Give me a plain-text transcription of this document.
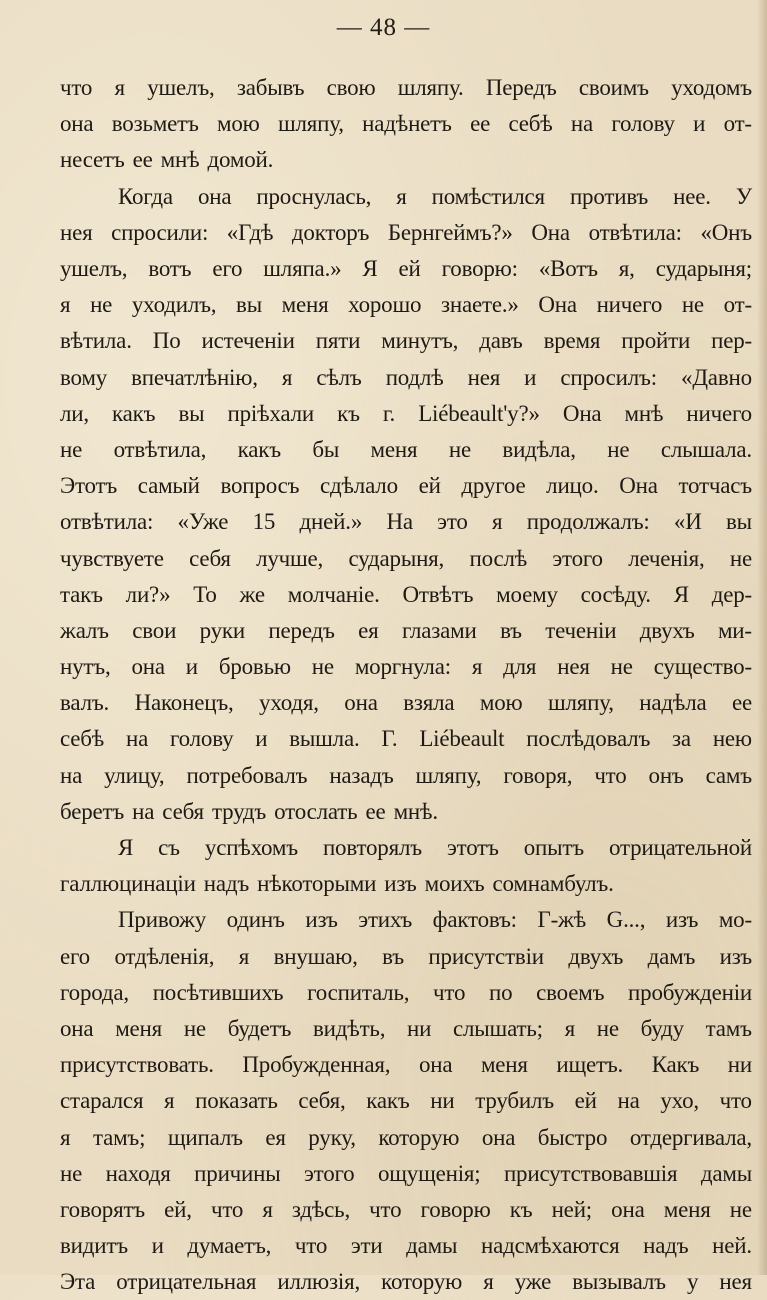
— 48 —
что я ушелъ, забывъ свою шляпу. Передъ своимъ уходомъ
она возьметъ мою шляпу, надѣнетъ ее себѣ на голову и от-
несетъ ее мнѣ домой.
Когда она проснулась, я помѣстился противъ нее. У
нея спросили: «Гдѣ докторъ Бернгеймъ?» Она отвѣтила: «Онъ
ушелъ, вотъ его шляпа.» Я ей говорю: «Вотъ я, сударыня;
я не уходилъ, вы меня хорошо знаете.» Она ничего не от-
вѣтила. По истеченіи пяти минутъ, давъ время пройти пер-
вому впечатлѣнію, я сѣлъ подлѣ нея и спросилъ: «Давно
ли, какъ вы пріѣхали къ г. Liébeault'y?» Она мнѣ ничего
не отвѣтила, какъ бы меня не видѣла, не слышала.
Этотъ самый вопросъ сдѣлало ей другое лицо. Она тотчасъ
отвѣтила: «Уже 15 дней.» На это я продолжалъ: «И вы
чувствуете себя лучше, сударыня, послѣ этого леченія, не
такъ ли?» То же молчаніе. Отвѣтъ моему сосѣду. Я дер-
жалъ свои руки передъ ея глазами въ теченіи двухъ ми-
нутъ, она и бровью не моргнула: я для нея не существо-
валъ. Наконецъ, уходя, она взяла мою шляпу, надѣла ее
себѣ на голову и вышла. Г. Liébeault послѣдовалъ за нею
на улицу, потребовалъ назадъ шляпу, говоря, что онъ самъ
беретъ на себя трудъ отослать ее мнѣ.
Я съ успѣхомъ повторялъ этотъ опытъ отрицательной
галлюцинаціи надъ нѣкоторыми изъ моихъ сомнамбулъ.
Привожу одинъ изъ этихъ фактовъ: Г-жѣ G..., изъ мо-
его отдѣленія, я внушаю, въ присутствіи двухъ дамъ изъ
города, посѣтившихъ госпиталь, что по своемъ пробужденіи
она меня не будетъ видѣть, ни слышать; я не буду тамъ
присутствовать. Пробужденная, она меня ищетъ. Какъ ни
старался я показать себя, какъ ни трубилъ ей на ухо, что
я тамъ; щипалъ ея руку, которую она быстро отдергивала,
не находя причины этого ощущенія; присутствовавшія дамы
говорятъ ей, что я здѣсь, что говорю къ ней; она меня не
видитъ и думаетъ, что эти дамы надсмѣхаются надъ ней.
Эта отрицательная иллюзія, которую я уже вызывалъ у нея
